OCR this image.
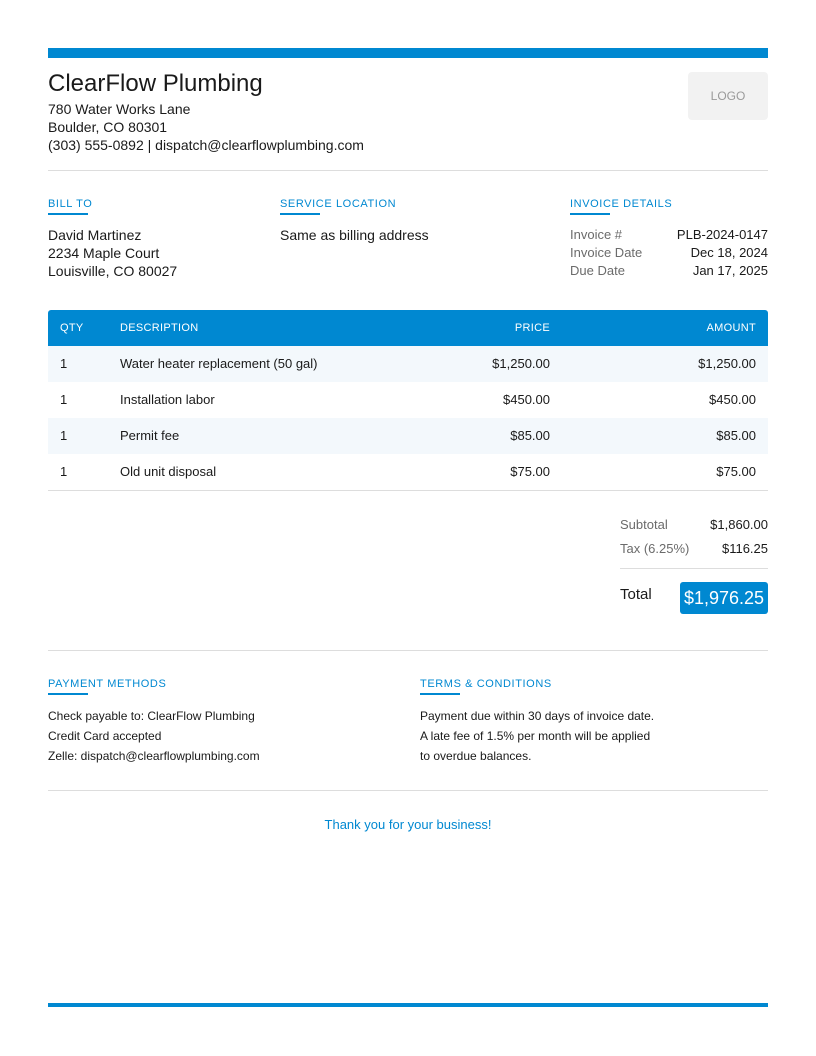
ClearFlow Plumbing
780 Water Works Lane
Boulder, CO 80301
(303) 555-0892 | dispatch@clearflowplumbing.com
LOGO
BILL TO
David Martinez
2234 Maple Court
Louisville, CO 80027
SERVICE LOCATION
Same as billing address
INVOICE DETAILS
Invoice #	PLB-2024-0147
Invoice Date	Dec 18, 2024
Due Date	Jan 17, 2025
QTY	DESCRIPTION	PRICE	AMOUNT
1	Water heater replacement (50 gal)	$1,250.00	$1,250.00
1	Installation labor	$450.00	$450.00
1	Permit fee	$85.00	$85.00
1	Old unit disposal	$75.00	$75.00
Subtotal	$1,860.00
Tax (6.25%)	$116.25
Total $1,976.25
PAYMENT METHODS
Check payable to: ClearFlow Plumbing
Credit Card accepted
Zelle: dispatch@clearflowplumbing.com
TERMS & CONDITIONS
Payment due within 30 days of invoice date.
A late fee of 1.5% per month will be applied
to overdue balances.
Thank you for your business!
